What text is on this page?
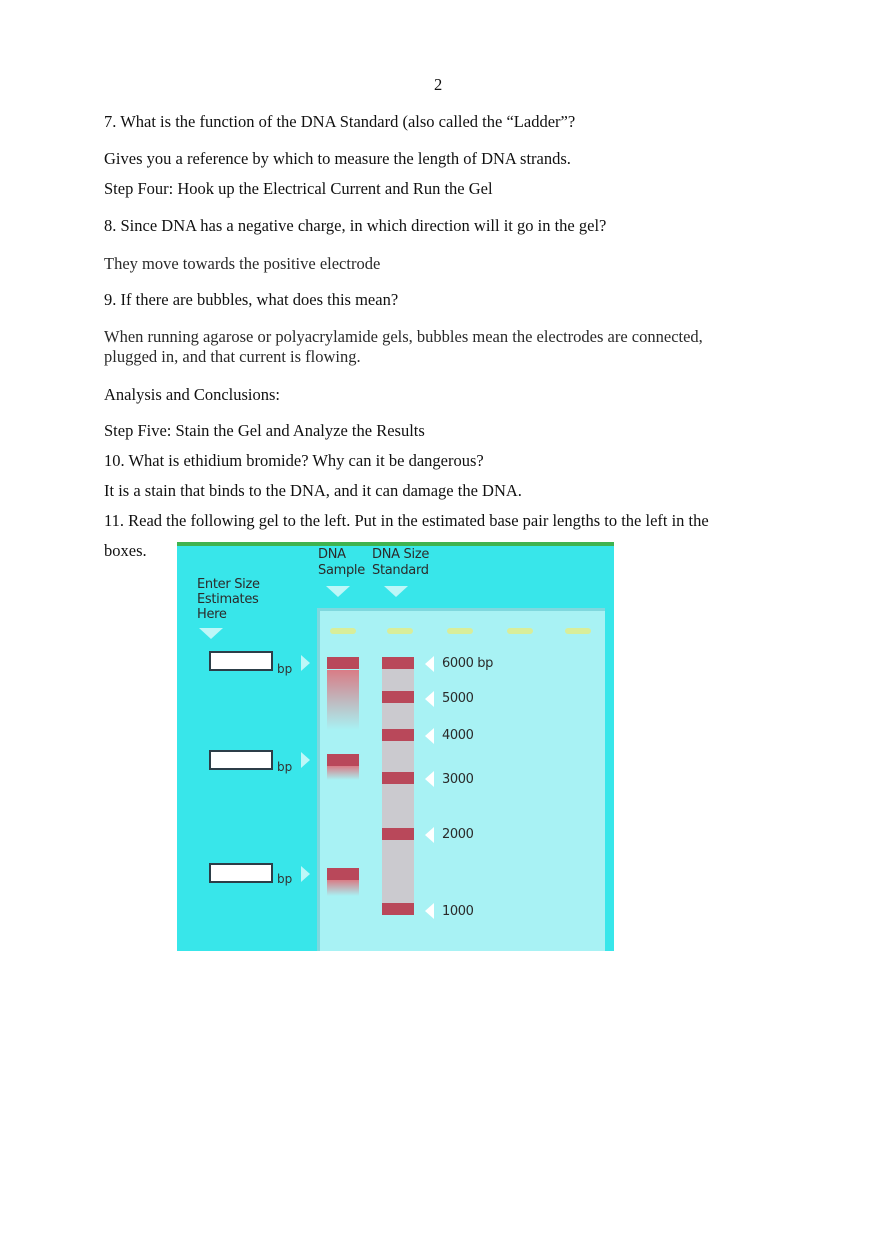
2
7. What is the function of the DNA Standard (also called the “Ladder”?
Gives you a reference by which to measure the length of DNA strands.
Step Four: Hook up the Electrical Current and Run the Gel
8. Since DNA has a negative charge, in which direction will it go in the gel?
They move towards the positive electrode
9. If there are bubbles, what does this mean?
When running agarose or polyacrylamide gels, bubbles mean the electrodes are connected,
plugged in, and that current is flowing.
Analysis and Conclusions:
Step Five: Stain the Gel and Analyze the Results
10. What is ethidium bromide? Why can it be dangerous?
It is a stain that binds to the DNA, and it can damage the DNA.
11. Read the following gel to the left. Put in the estimated base pair lengths to the left in the
boxes.
Enter Size
Estimates
Here
DNA
Sample
DNA Size
Standard
bp
bp
bp
6000 bp
5000
4000
3000
2000
1000
